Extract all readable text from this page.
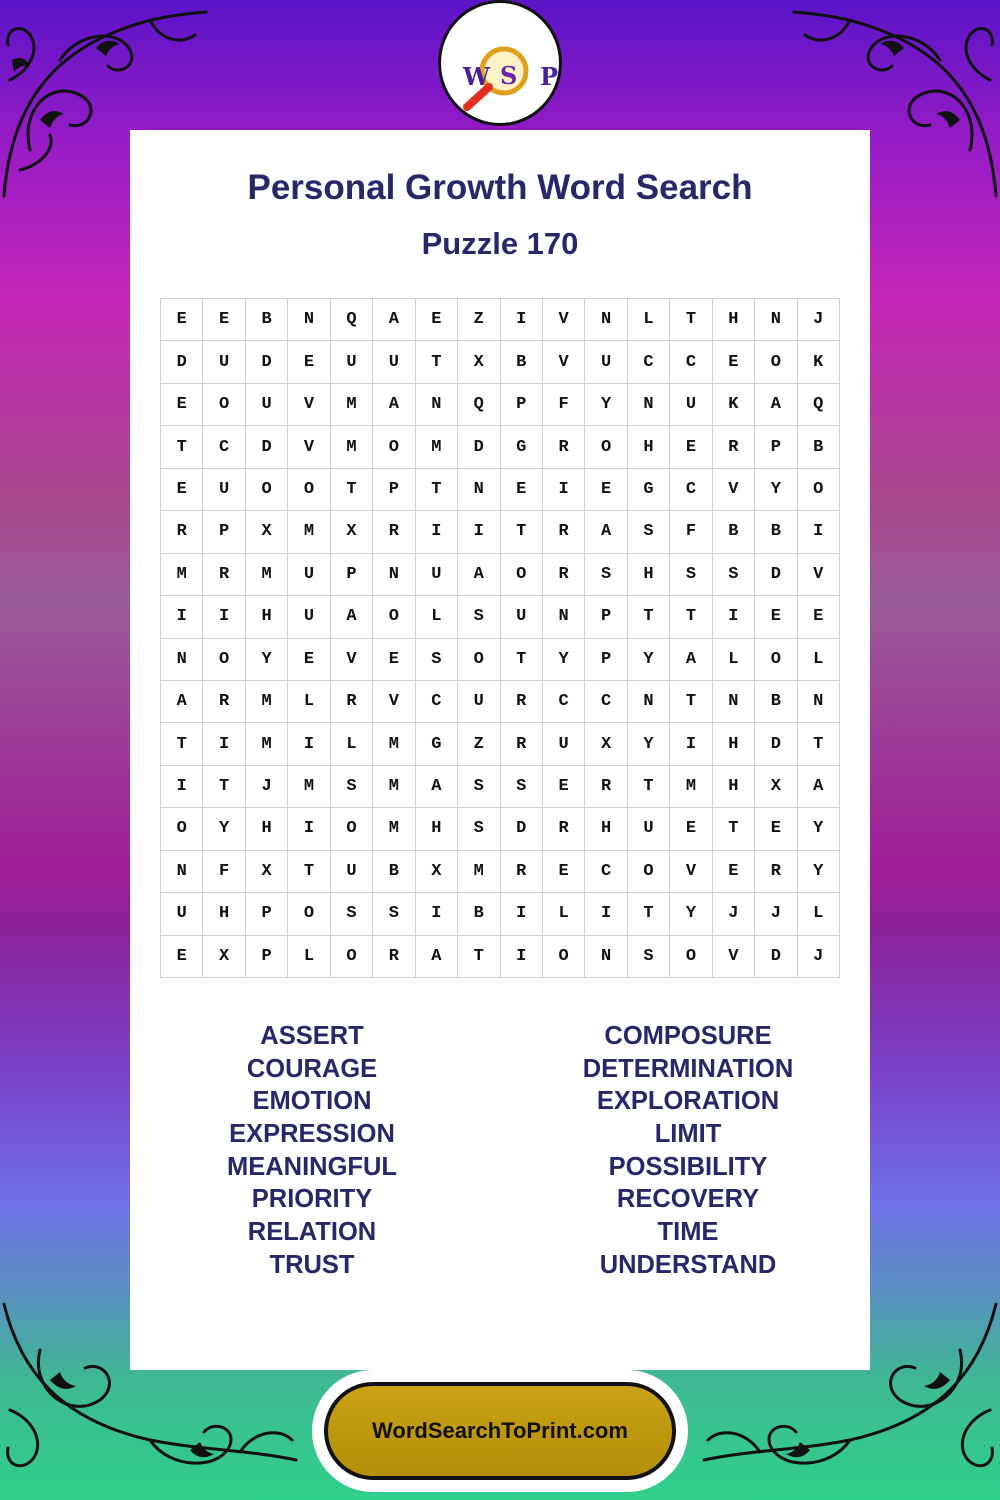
W S P
Personal Growth Word Search
Puzzle 170
E	E	B	N	Q	A	E	Z	I	V	N	L	T	H	N	J
D	U	D	E	U	U	T	X	B	V	U	C	C	E	O	K
E	O	U	V	M	A	N	Q	P	F	Y	N	U	K	A	Q
T	C	D	V	M	O	M	D	G	R	O	H	E	R	P	B
E	U	O	O	T	P	T	N	E	I	E	G	C	V	Y	O
R	P	X	M	X	R	I	I	T	R	A	S	F	B	B	I
M	R	M	U	P	N	U	A	O	R	S	H	S	S	D	V
I	I	H	U	A	O	L	S	U	N	P	T	T	I	E	E
N	O	Y	E	V	E	S	O	T	Y	P	Y	A	L	O	L
A	R	M	L	R	V	C	U	R	C	C	N	T	N	B	N
T	I	M	I	L	M	G	Z	R	U	X	Y	I	H	D	T
I	T	J	M	S	M	A	S	S	E	R	T	M	H	X	A
O	Y	H	I	O	M	H	S	D	R	H	U	E	T	E	Y
N	F	X	T	U	B	X	M	R	E	C	O	V	E	R	Y
U	H	P	O	S	S	I	B	I	L	I	T	Y	J	J	L
E	X	P	L	O	R	A	T	I	O	N	S	O	V	D	J
ASSERT
COURAGE
EMOTION
EXPRESSION
MEANINGFUL
PRIORITY
RELATION
TRUST
COMPOSURE
DETERMINATION
EXPLORATION
LIMIT
POSSIBILITY
RECOVERY
TIME
UNDERSTAND
WordSearchToPrint.com
